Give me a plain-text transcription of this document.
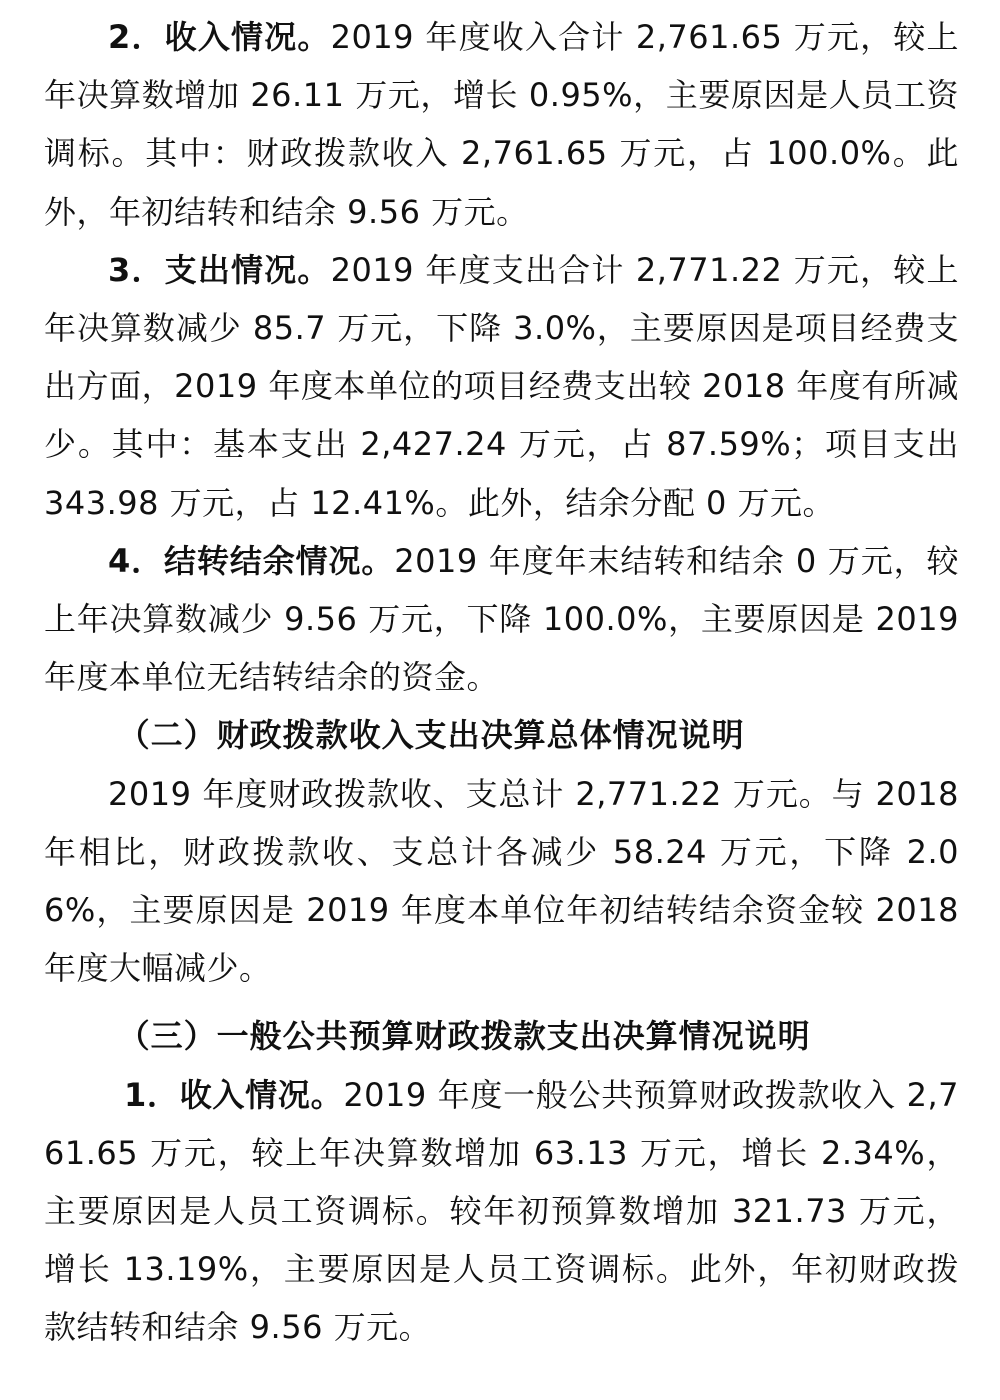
2．收入情况。2019 年度收入合计 2,761.65 万元，较上年决算数增加 26.11 万元，增长 0.95%，主要原因是人员工资调标。其中：财政拨款收入 2,761.65 万元，占 100.0%。此外，年初结转和结余 9.56 万元。

3．支出情况。2019 年度支出合计 2,771.22 万元，较上年决算数减少 85.7 万元，下降 3.0%，主要原因是项目经费支出方面，2019 年度本单位的项目经费支出较 2018 年度有所减少。其中：基本支出 2,427.24 万元，占 87.59%；项目支出 343.98 万元，占 12.41%。此外，结余分配 0 万元。

4．结转结余情况。2019 年度年末结转和结余 0 万元，较上年决算数减少 9.56 万元，下降 100.0%，主要原因是 2019 年度本单位无结转结余的资金。

（二）财政拨款收入支出决算总体情况说明

2019 年度财政拨款收、支总计 2,771.22 万元。与 2018 年相比，财政拨款收、支总计各减少 58.24 万元，下降 2.06%，主要原因是 2019 年度本单位年初结转结余资金较 2018 年度大幅减少。

（三）一般公共预算财政拨款支出决算情况说明

1．收入情况。2019 年度一般公共预算财政拨款收入 2,761.65 万元，较上年决算数增加 63.13 万元，增长 2.34%，主要原因是人员工资调标。较年初预算数增加 321.73 万元，增长 13.19%，主要原因是人员工资调标。此外，年初财政拨款结转和结余 9.56 万元。
